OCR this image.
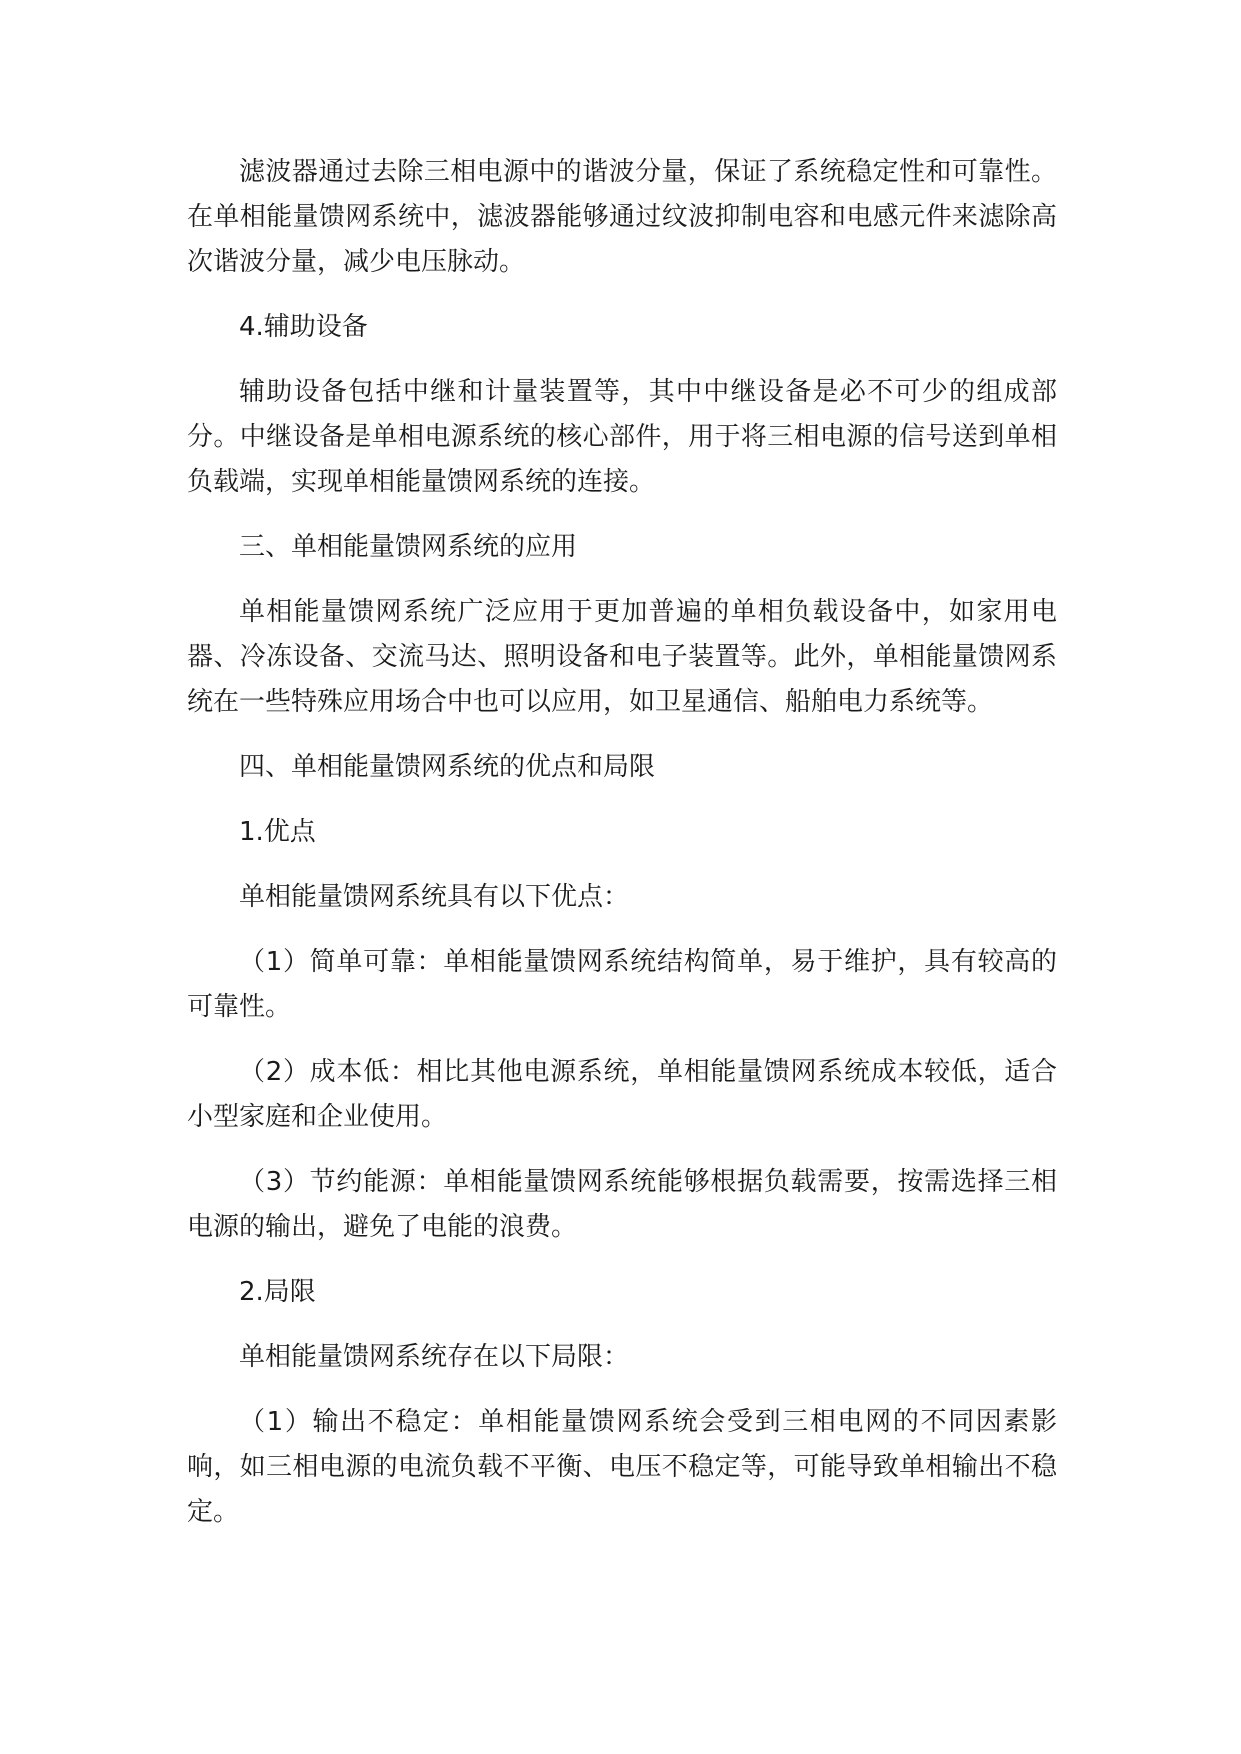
滤波器通过去除三相电源中的谐波分量，保证了系统稳定性和可靠性。在单相能量馈网系统中，滤波器能够通过纹波抑制电容和电感元件来滤除高次谐波分量，减少电压脉动。

4.辅助设备

辅助设备包括中继和计量装置等，其中中继设备是必不可少的组成部分。中继设备是单相电源系统的核心部件，用于将三相电源的信号送到单相负载端，实现单相能量馈网系统的连接。

三、单相能量馈网系统的应用

单相能量馈网系统广泛应用于更加普遍的单相负载设备中，如家用电器、冷冻设备、交流马达、照明设备和电子装置等。此外，单相能量馈网系统在一些特殊应用场合中也可以应用，如卫星通信、船舶电力系统等。

四、单相能量馈网系统的优点和局限

1.优点

单相能量馈网系统具有以下优点：

（1）简单可靠：单相能量馈网系统结构简单，易于维护，具有较高的可靠性。

（2）成本低：相比其他电源系统，单相能量馈网系统成本较低，适合小型家庭和企业使用。

（3）节约能源：单相能量馈网系统能够根据负载需要，按需选择三相电源的输出，避免了电能的浪费。

2.局限

单相能量馈网系统存在以下局限：

（1）输出不稳定：单相能量馈网系统会受到三相电网的不同因素影响，如三相电源的电流负载不平衡、电压不稳定等，可能导致单相输出不稳定。
